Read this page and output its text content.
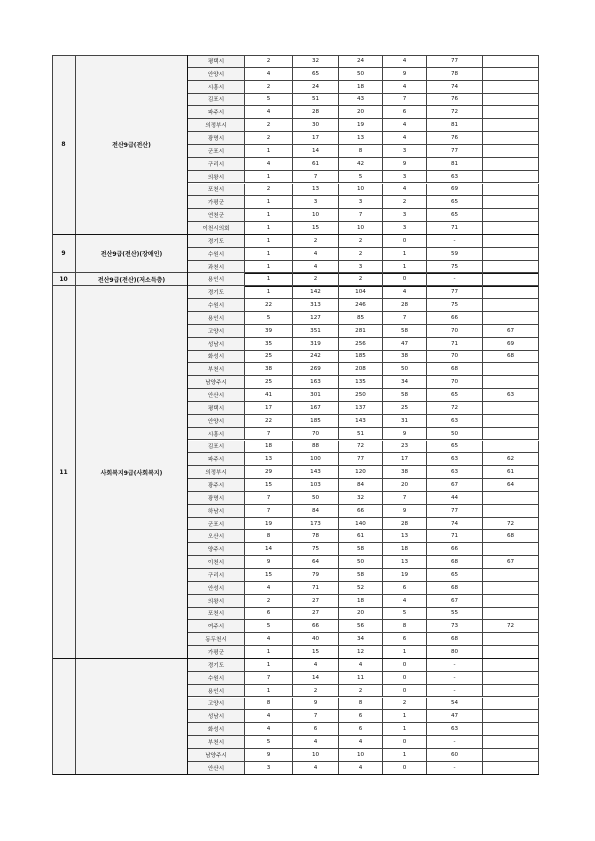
8	전산9급(전산)
평택시	2	32	24	4	77
안양시	4	65	50	9	78
시흥시	2	24	18	4	74
김포시	5	51	43	7	76
파주시	4	28	20	6	72
의정부시	2	30	19	4	81
광명시	2	17	13	4	76
군포시	1	14	8	3	77
구리시	4	61	42	9	81
의왕시	1	7	5	3	63
포천시	2	13	10	4	69
가평군	1	3	3	2	65
연천군	1	10	7	3	65
이천시의회	1	15	10	3	71
9	전산9급(전산)(장애인)
경기도	1	2	2	0	-
수원시	1	4	2	1	59
과천시	1	4	3	1	75
10	전산9급(전산)(저소득층)	용인시	1	2	2	0	-
11	사회복지9급(사회복지)
경기도	1	142	104	4	77
수원시	22	313	246	28	75
용인시	5	127	85	7	66
고양시	39	351	281	58	70	67
성남시	35	319	256	47	71	69
화성시	25	242	185	38	70	68
부천시	38	269	208	50	68
남양주시	25	163	135	34	70
안산시	41	301	250	58	65	63
평택시	17	167	137	25	72
안양시	22	185	143	31	63
시흥시	7	70	51	9	50
김포시	18	88	72	23	65
파주시	13	100	77	17	63	62
의정부시	29	143	120	38	63	61
광주시	15	103	84	20	67	64
광명시	7	50	32	7	44
하남시	7	84	66	9	77
군포시	19	173	140	28	74	72
오산시	8	78	61	13	71	68
양주시	14	75	58	18	66
이천시	9	64	50	13	68	67
구리시	15	79	58	19	65
안성시	4	71	52	6	68
의왕시	2	27	18	4	67
포천시	6	27	20	5	55
여주시	5	66	56	8	73	72
동두천시	4	40	34	6	68
가평군	1	15	12	1	80
경기도	1	4	4	0	-
수원시	7	14	11	0	-
용인시	1	2	2	0	-
고양시	8	9	8	2	54
성남시	4	7	6	1	47
화성시	4	6	6	1	63
부천시	5	4	4	0	-
남양주시	9	10	10	1	60
안산시	3	4	4	0	-
